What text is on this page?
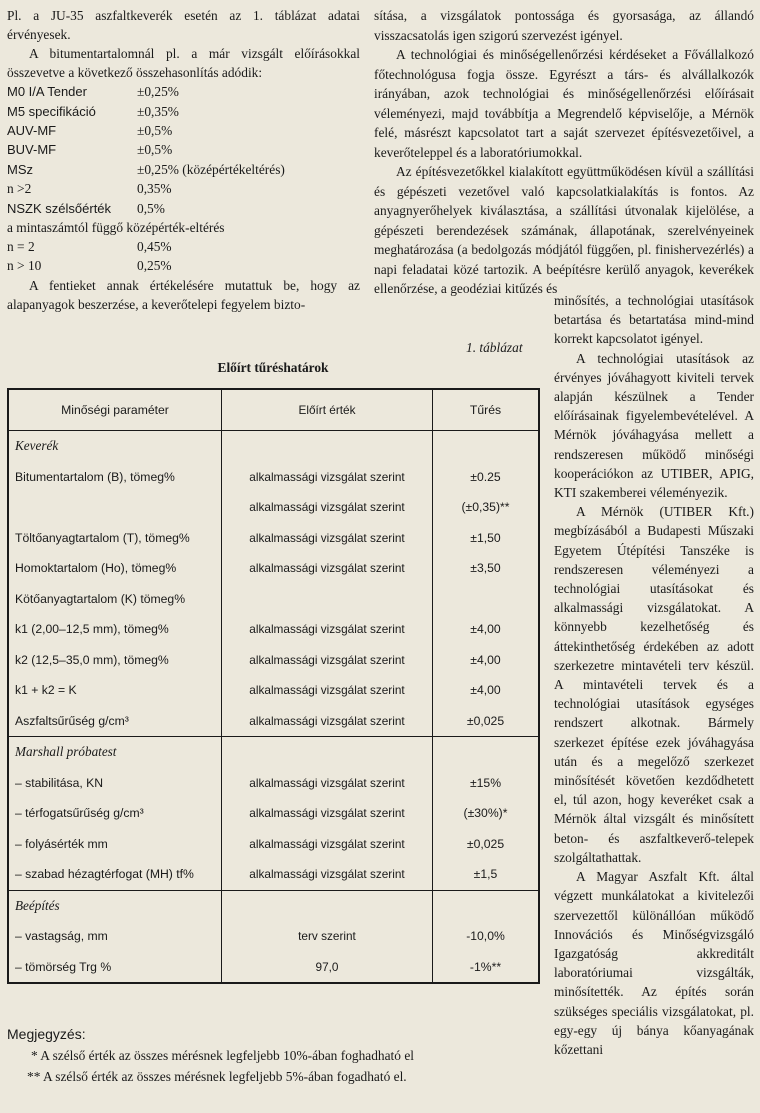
Pl. a JU-35 aszfaltkeverék esetén az 1. táblázat adatai érvényesek.

A bitumentartalomnál pl. a már vizsgált előírásokkal összevetve a következő összehasonlítás adódik:

M0 I/A Tender	±0,25%
M5 specifikáció	±0,35%
AUV-MF	±0,5%
BUV-MF	±0,5%
MSz	±0,25% (középértékeltérés)
n >2	0,35%
NSZK szélsőérték	0,5%

a mintaszámtól függő középérték-eltérés

n = 2	0,45%
n > 10	0,25%

A fentieket annak értékelésére mutattuk be, hogy az alapanyagok beszerzése, a keverőtelepi fegyelem bizto-

sítása, a vizsgálatok pontossága és gyorsasága, az állandó visszacsatolás igen szigorú szervezést igényel.

A technológiai és minőségellenőrzési kérdéseket a Fővállalkozó főtechnológusa fogja össze. Egyrészt a társ- és alvállalkozók irányában, azok technológiai és minőségellenőrzési előírásait véleményezi, majd továbbítja a Megrendelő képviselője, a Mérnök felé, másrészt kapcsolatot tart a saját szervezet építésvezetőivel, a keverőteleppel és a laboratóriumokkal.

Az építésvezetőkkel kialakított együttműködésen kívül a szállítási és gépészeti vezetővel való kapcsolatkialakítás is fontos. Az anyagnyerőhelyek kiválasztása, a szállítási útvonalak kijelölése, a gépészeti berendezések számának, állapotának, szerelvényeinek meghatározása (a bedolgozás módjától függően, pl. finishervezérlés) a napi feladatai közé tartozik. A beépítésre kerülő anyagok, keverékek ellenőrzése, a geodéziai kitűzés és

minősítés, a technológiai utasítások betartása és betartatása mind-mind korrekt kapcsolatot igényel.

A technológiai utasítások az érvényes jóváhagyott kiviteli tervek alapján készülnek a Tender előírásainak figyelembevételével. A Mérnök jóváhagyása mellett a rendszeresen működő minőségi kooperációkon az UTIBER, APIG, KTI szakemberei véleményezik.

A Mérnök (UTIBER Kft.) megbízásából a Budapesti Műszaki Egyetem Útépítési Tanszéke is rendszeresen véleményezi a technológiai utasításokat és alkalmassági vizsgálatokat. A könnyebb kezelhetőség és áttekinthetőség érdekében az adott szerkezetre mintavételi terv készül. A mintavételi tervek és a technológiai utasítások egységes rendszert alkotnak. Bármely szerkezet építése ezek jóváhagyása után és a megelőző szerkezet minősítését követően kezdődhetett el, túl azon, hogy keveréket csak a Mérnök által vizsgált és minősített beton- és aszfaltkeverő-telepek szolgáltathattak.

A Magyar Aszfalt Kft. által végzett munkálatokat a kivitelezői szervezettől különállóan működő Innovációs és Minőségvizsgáló Igazgatóság akkreditált laboratóriumai vizsgálták, minősítették. Az építés során szükséges speciális vizsgálatokat, pl. egy-egy új bánya kőanyagának kőzettani

1. táblázat
Előírt tűréshatárok
Minőségi paraméter	Előírt érték	Tűrés
Keverék		
Bitumentartalom (B), tömeg%	alkalmassági vizsgálat szerint	±0.25
	alkalmassági vizsgálat szerint	(±0,35)**
Töltőanyagtartalom (T), tömeg%	alkalmassági vizsgálat szerint	±1,50
Homoktartalom (Ho), tömeg%	alkalmassági vizsgálat szerint	±3,50
Kötőanyagtartalom (K) tömeg%		
k1 (2,00–12,5 mm), tömeg%	alkalmassági vizsgálat szerint	±4,00
k2 (12,5–35,0 mm), tömeg%	alkalmassági vizsgálat szerint	±4,00
k1 + k2 = K	alkalmassági vizsgálat szerint	±4,00
Aszfaltsűrűség g/cm³	alkalmassági vizsgálat szerint	±0,025
Marshall próbatest		
– stabilitása, KN	alkalmassági vizsgálat szerint	±15%
– térfogatsűrűség g/cm³	alkalmassági vizsgálat szerint	(±30%)*
– folyásérték mm	alkalmassági vizsgálat szerint	±0,025
– szabad hézagtérfogat (MH) tf%	alkalmassági vizsgálat szerint	±1,5
Beépítés		
– vastagság, mm	terv szerint	-10,0%
– tömörség Trg %	97,0	-1%**
Megjegyzés:
* A szélső érték az összes mérésnek legfeljebb 10%-ában foghadható el
** A szélső érték az összes mérésnek legfeljebb 5%-ában fogadható el.
